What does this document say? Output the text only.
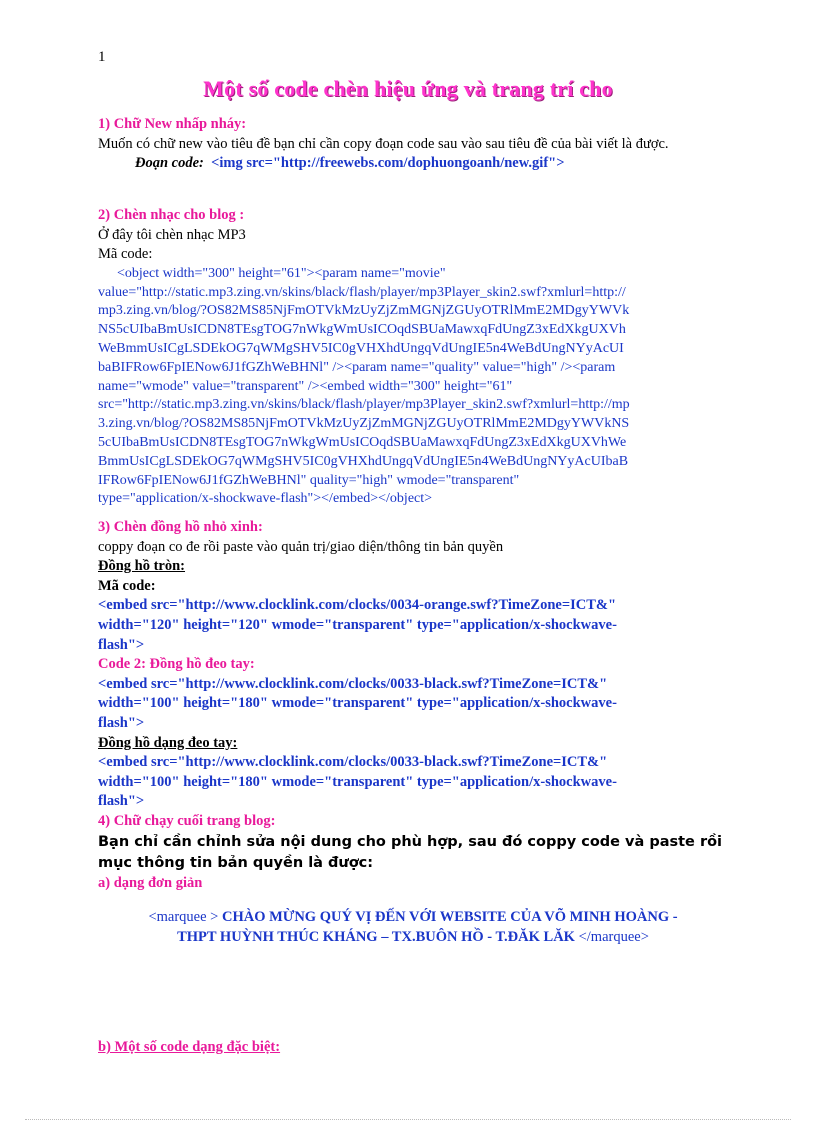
1
Một số code chèn hiệu ứng và trang trí cho
1) Chữ New nhấp nháy:
Muốn có chữ new vào tiêu đề bạn chỉ cần copy đoạn code sau vào sau tiêu đề của bài viết là được.
Đoạn code: <img src="http://freewebs.com/dophuongoanh/new.gif">
2) Chèn nhạc cho blog :
Ở đây tôi chèn nhạc MP3
Mã code:
<object width="300" height="61"><param name="movie"
value="http://static.mp3.zing.vn/skins/black/flash/player/mp3Player_skin2.swf?xmlurl=http://
mp3.zing.vn/blog/?OS82MS85NjFmOTVkMzUyZjZmMGNjZGUyOTRlMmE2MDgyYWVk
NS5cUIbaBmUsICDN8TEsgTOG7nWkgWmUsICOqdSBUaMawxqFdUngZ3xEdXkgUXVh
WeBmmUsICgLSDEkOG7qWMgSHV5IC0gVHXhdUngqVdUngIE5n4WeBdUngNYyAcUI
baBIFRow6FpIENow6J1fGZhWeBHNl" /><param name="quality" value="high" /><param
name="wmode" value="transparent" /><embed width="300" height="61"
src="http://static.mp3.zing.vn/skins/black/flash/player/mp3Player_skin2.swf?xmlurl=http://mp
3.zing.vn/blog/?OS82MS85NjFmOTVkMzUyZjZmMGNjZGUyOTRlMmE2MDgyYWVkNS
5cUIbaBmUsICDN8TEsgTOG7nWkgWmUsICOqdSBUaMawxqFdUngZ3xEdXkgUXVhWe
BmmUsICgLSDEkOG7qWMgSHV5IC0gVHXhdUngqVdUngIE5n4WeBdUngNYyAcUIbaB
IFRow6FpIENow6J1fGZhWeBHNl" quality="high" wmode="transparent"
type="application/x-shockwave-flash"></embed></object>
3) Chèn đồng hồ nhỏ xinh:
coppy đoạn co đe rồi paste vào quản trị/giao diện/thông tin bản quyền
Đồng hồ tròn:
Mã code:
<embed src="http://www.clocklink.com/clocks/0034-orange.swf?TimeZone=ICT&"
width="120" height="120" wmode="transparent" type="application/x-shockwave-
flash">
Code 2: Đồng hồ đeo tay:
<embed src="http://www.clocklink.com/clocks/0033-black.swf?TimeZone=ICT&"
width="100" height="180" wmode="transparent" type="application/x-shockwave-
flash">
Đồng hồ dạng đeo tay:
<embed src="http://www.clocklink.com/clocks/0033-black.swf?TimeZone=ICT&"
width="100" height="180" wmode="transparent" type="application/x-shockwave-
flash">
4) Chữ chạy cuối trang blog:
Bạn chỉ cần chỉnh sửa nội dung cho phù hợp, sau đó coppy code và paste rồi mục thông tin bản quyền là được:
a) dạng đơn giản
<marquee > CHÀO MỪNG QUÝ VỊ ĐẾN VỚI WEBSITE CỦA VÕ MINH HOÀNG -
THPT HUỲNH THÚC KHÁNG – TX.BUÔN HỒ - T.ĐĂK LĂK </marquee>
b) Một số code dạng đặc biệt:
